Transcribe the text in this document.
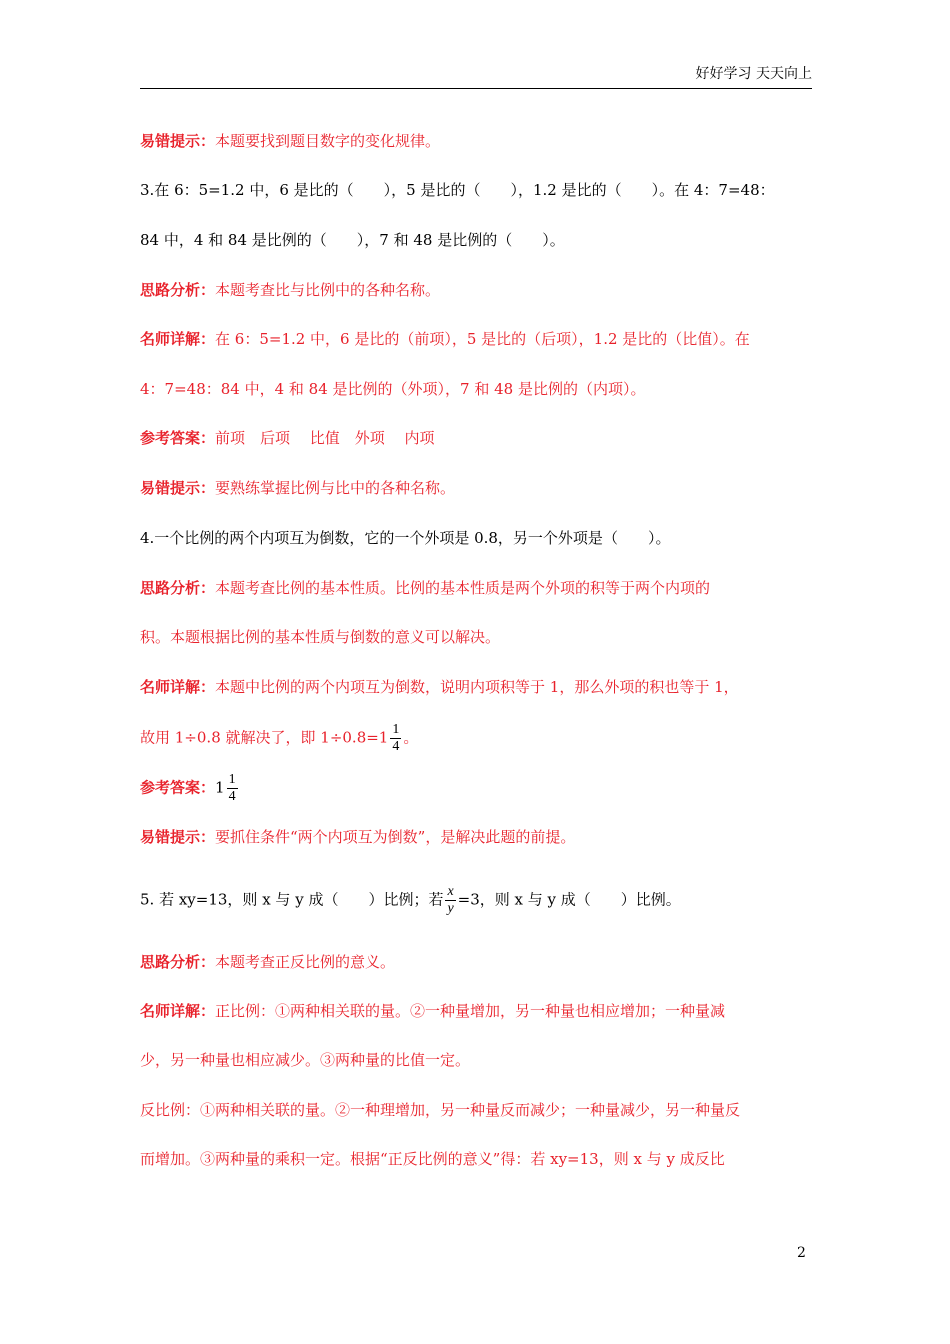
好好学习 天天向上
易错提示：本题要找到题目数字的变化规律。
3.在 6：5=1.2 中，6 是比的（　　），5 是比的（　　），1.2 是比的（　　）。在 4：7=48：
84 中，4 和 84 是比例的（　　），7 和 48 是比例的（　　）。
思路分析：本题考查比与比例中的各种名称。
名师详解：在 6：5=1.2 中，6 是比的（前项），5 是比的（后项），1.2 是比的（比值）。在
4：7=48：84 中，4 和 84 是比例的（外项），7 和 48 是比例的（内项）。
参考答案：前项　后项　 比值　外项　 内项
易错提示：要熟练掌握比例与比中的各种名称。
4.一个比例的两个内项互为倒数，它的一个外项是 0.8，另一个外项是（　　）。
思路分析：本题考查比例的基本性质。比例的基本性质是两个外项的积等于两个内项的
积。本题根据比例的基本性质与倒数的意义可以解决。
名师详解：本题中比例的两个内项互为倒数，说明内项积等于 1，那么外项的积也等于 1，
故用 1÷0.8 就解决了，即 $1\div 0.8=1 \frac{1}{4}$ 。
参考答案：$1 \frac{1}{4}$
易错提示：要抓住条件“两个内项互为倒数”，是解决此题的前提。
5. 若 xy=13，则 x 与 y 成（　　）比例；若 $\frac{x}{y} =3$，则 x 与 y 成（　　）比例。
思路分析：本题考查正反比例的意义。
名师详解：正比例：①两种相关联的量。②一种量增加，另一种量也相应增加；一种量减
少，另一种量也相应减少。③两种量的比值一定。
反比例：①两种相关联的量。②一种理增加，另一种量反而减少；一种量减少，另一种量反
而增加。③两种量的乘积一定。根据“正反比例的意义”得：若 xy=13，则 x 与 y 成反比
2
